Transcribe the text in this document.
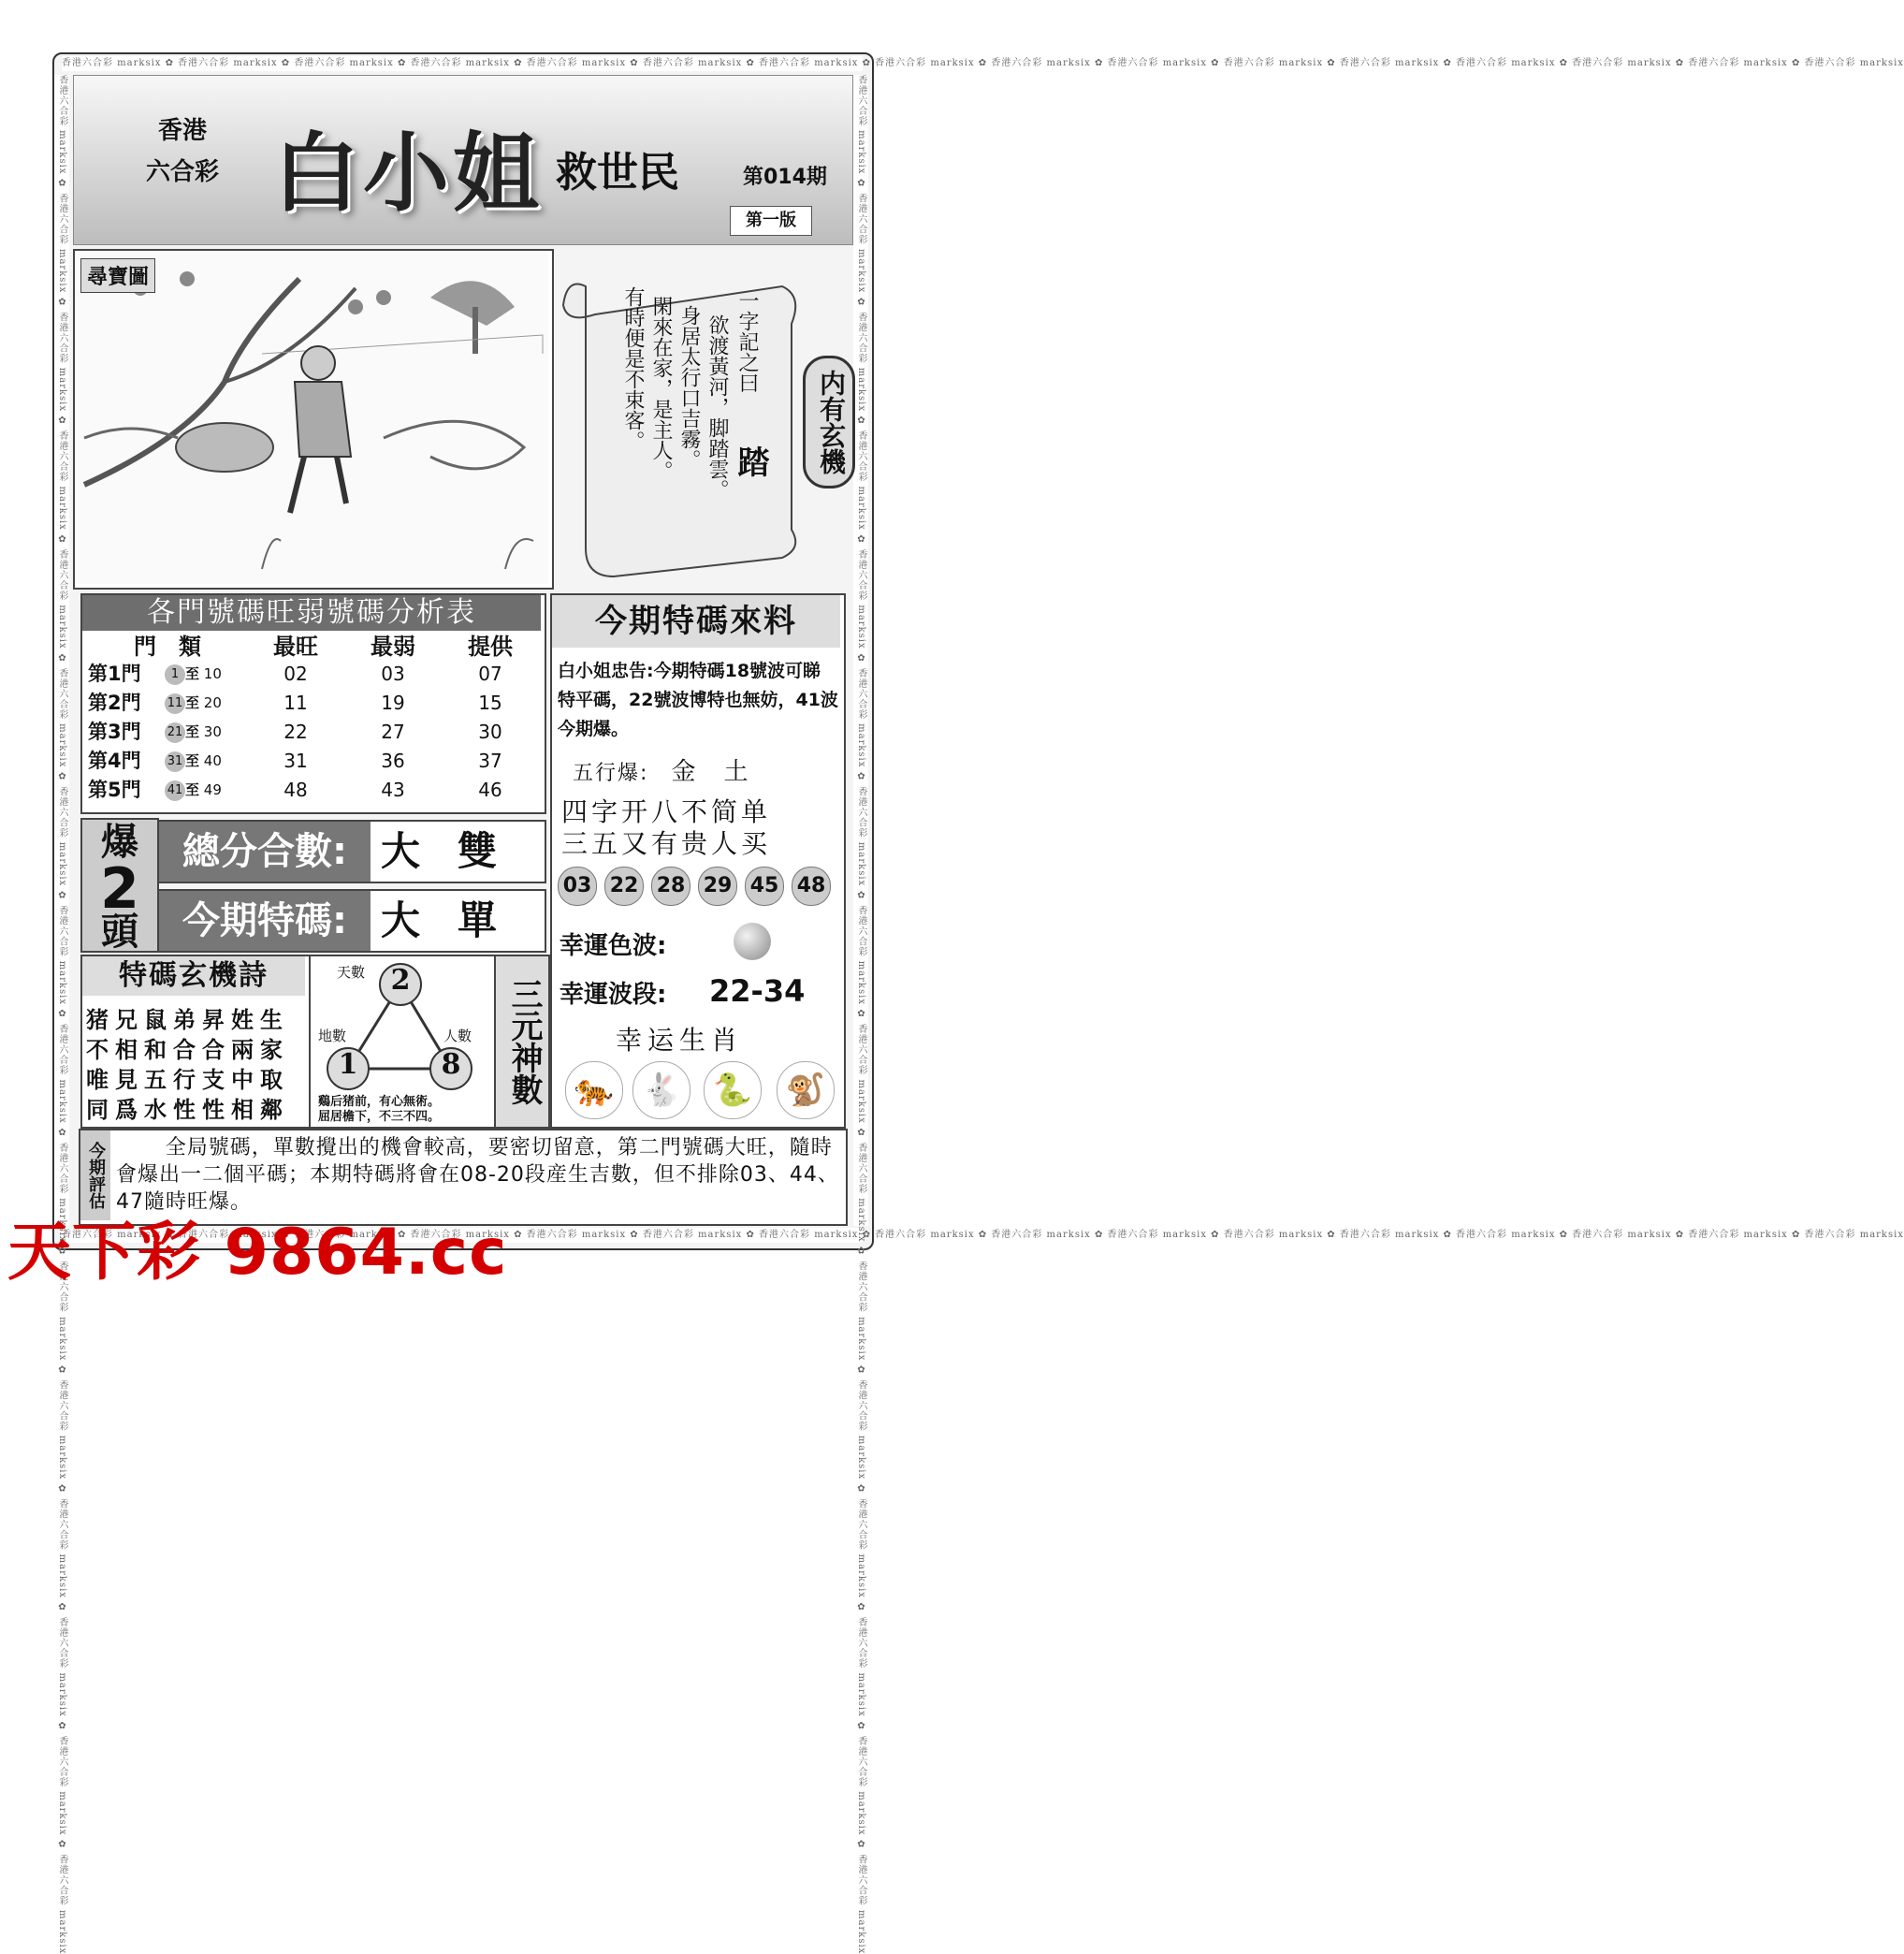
香港六合彩 marksix ✿ 香港六合彩 marksix ✿ 香港六合彩 marksix ✿ 香港六合彩 marksix ✿ 香港六合彩 marksix ✿ 香港六合彩 marksix ✿ 香港六合彩 marksix ✿ 香港六合彩 marksix ✿ 香港六合彩 marksix ✿ 香港六合彩 marksix ✿ 香港六合彩 marksix ✿ 香港六合彩 marksix ✿ 香港六合彩 marksix ✿ 香港六合彩 marksix ✿ 香港六合彩 marksix ✿ 香港六合彩 marksix
香港六合彩 marksix ✿ 香港六合彩 marksix ✿ 香港六合彩 marksix ✿ 香港六合彩 marksix ✿ 香港六合彩 marksix ✿ 香港六合彩 marksix ✿ 香港六合彩 marksix ✿ 香港六合彩 marksix ✿ 香港六合彩 marksix ✿ 香港六合彩 marksix ✿ 香港六合彩 marksix ✿ 香港六合彩 marksix ✿ 香港六合彩 marksix ✿ 香港六合彩 marksix ✿ 香港六合彩 marksix ✿ 香港六合彩 marksix
香港六合彩 marksix ✿ 香港六合彩 marksix ✿ 香港六合彩 marksix ✿ 香港六合彩 marksix ✿ 香港六合彩 marksix ✿ 香港六合彩 marksix ✿ 香港六合彩 marksix ✿ 香港六合彩 marksix ✿ 香港六合彩 marksix ✿ 香港六合彩 marksix ✿ 香港六合彩 marksix ✿ 香港六合彩 marksix ✿ 香港六合彩 marksix ✿ 香港六合彩 marksix ✿ 香港六合彩 marksix ✿ 香港六合彩 marksix	香港六合彩 marksix ✿ 香港六合彩 marksix ✿ 香港六合彩 marksix ✿ 香港六合彩 marksix ✿ 香港六合彩 marksix ✿ 香港六合彩 marksix ✿ 香港六合彩 marksix ✿ 香港六合彩 marksix ✿ 香港六合彩 marksix ✿ 香港六合彩 marksix ✿ 香港六合彩 marksix ✿ 香港六合彩 marksix ✿ 香港六合彩 marksix ✿ 香港六合彩 marksix ✿ 香港六合彩 marksix ✿ 香港六合彩 marksix
香港
六合彩 白小姐 救世民	第014期
第一版
尋寶圖
一字記之曰
踏
欲渡黃河，脚踏雲。
身居太行口吉霧。
閑來在家，是主人。
有時便是不束客。	内有玄機
各門號碼旺弱號碼分析表
門　類	最旺	最弱	提供
第1門	1 至 10	02	03	07
第2門	11 至 20	11	19	15
第3門	21 至 30	22	27	30
第4門	31 至 40	31	36	37
第5門	41 至 49	48	43	46
爆
2
頭
總分合數: 大雙
今期特碼: 大單
今期特碼來料
白小姐忠告:今期特碼18號波可睇特平碼，22號波博特也無妨，41波今期爆。
五行爆:　 金　土
四字开八不简单
三五又有贵人买
03 22 28 29 45 48
幸運色波:
幸運波段: 22-34
幸运生肖
🐅 🐇 🐍 🐒
特碼玄機詩
猪兄鼠弟昇姓生
不相和合合兩家
唯見五行支中取
同爲水性性相鄰
天數 2
地數
1
人數
8
鷄后猪前，有心無術。
屈居檐下，不三不四。
三元神數
今期評估	全局號碼，單數攪出的機會較高，要密切留意，第二門號碼大旺，隨時會爆出一二個平碼；本期特碼將會在08-20段産生吉數，但不排除03、44、47隨時旺爆。
天下彩 9864.cc
